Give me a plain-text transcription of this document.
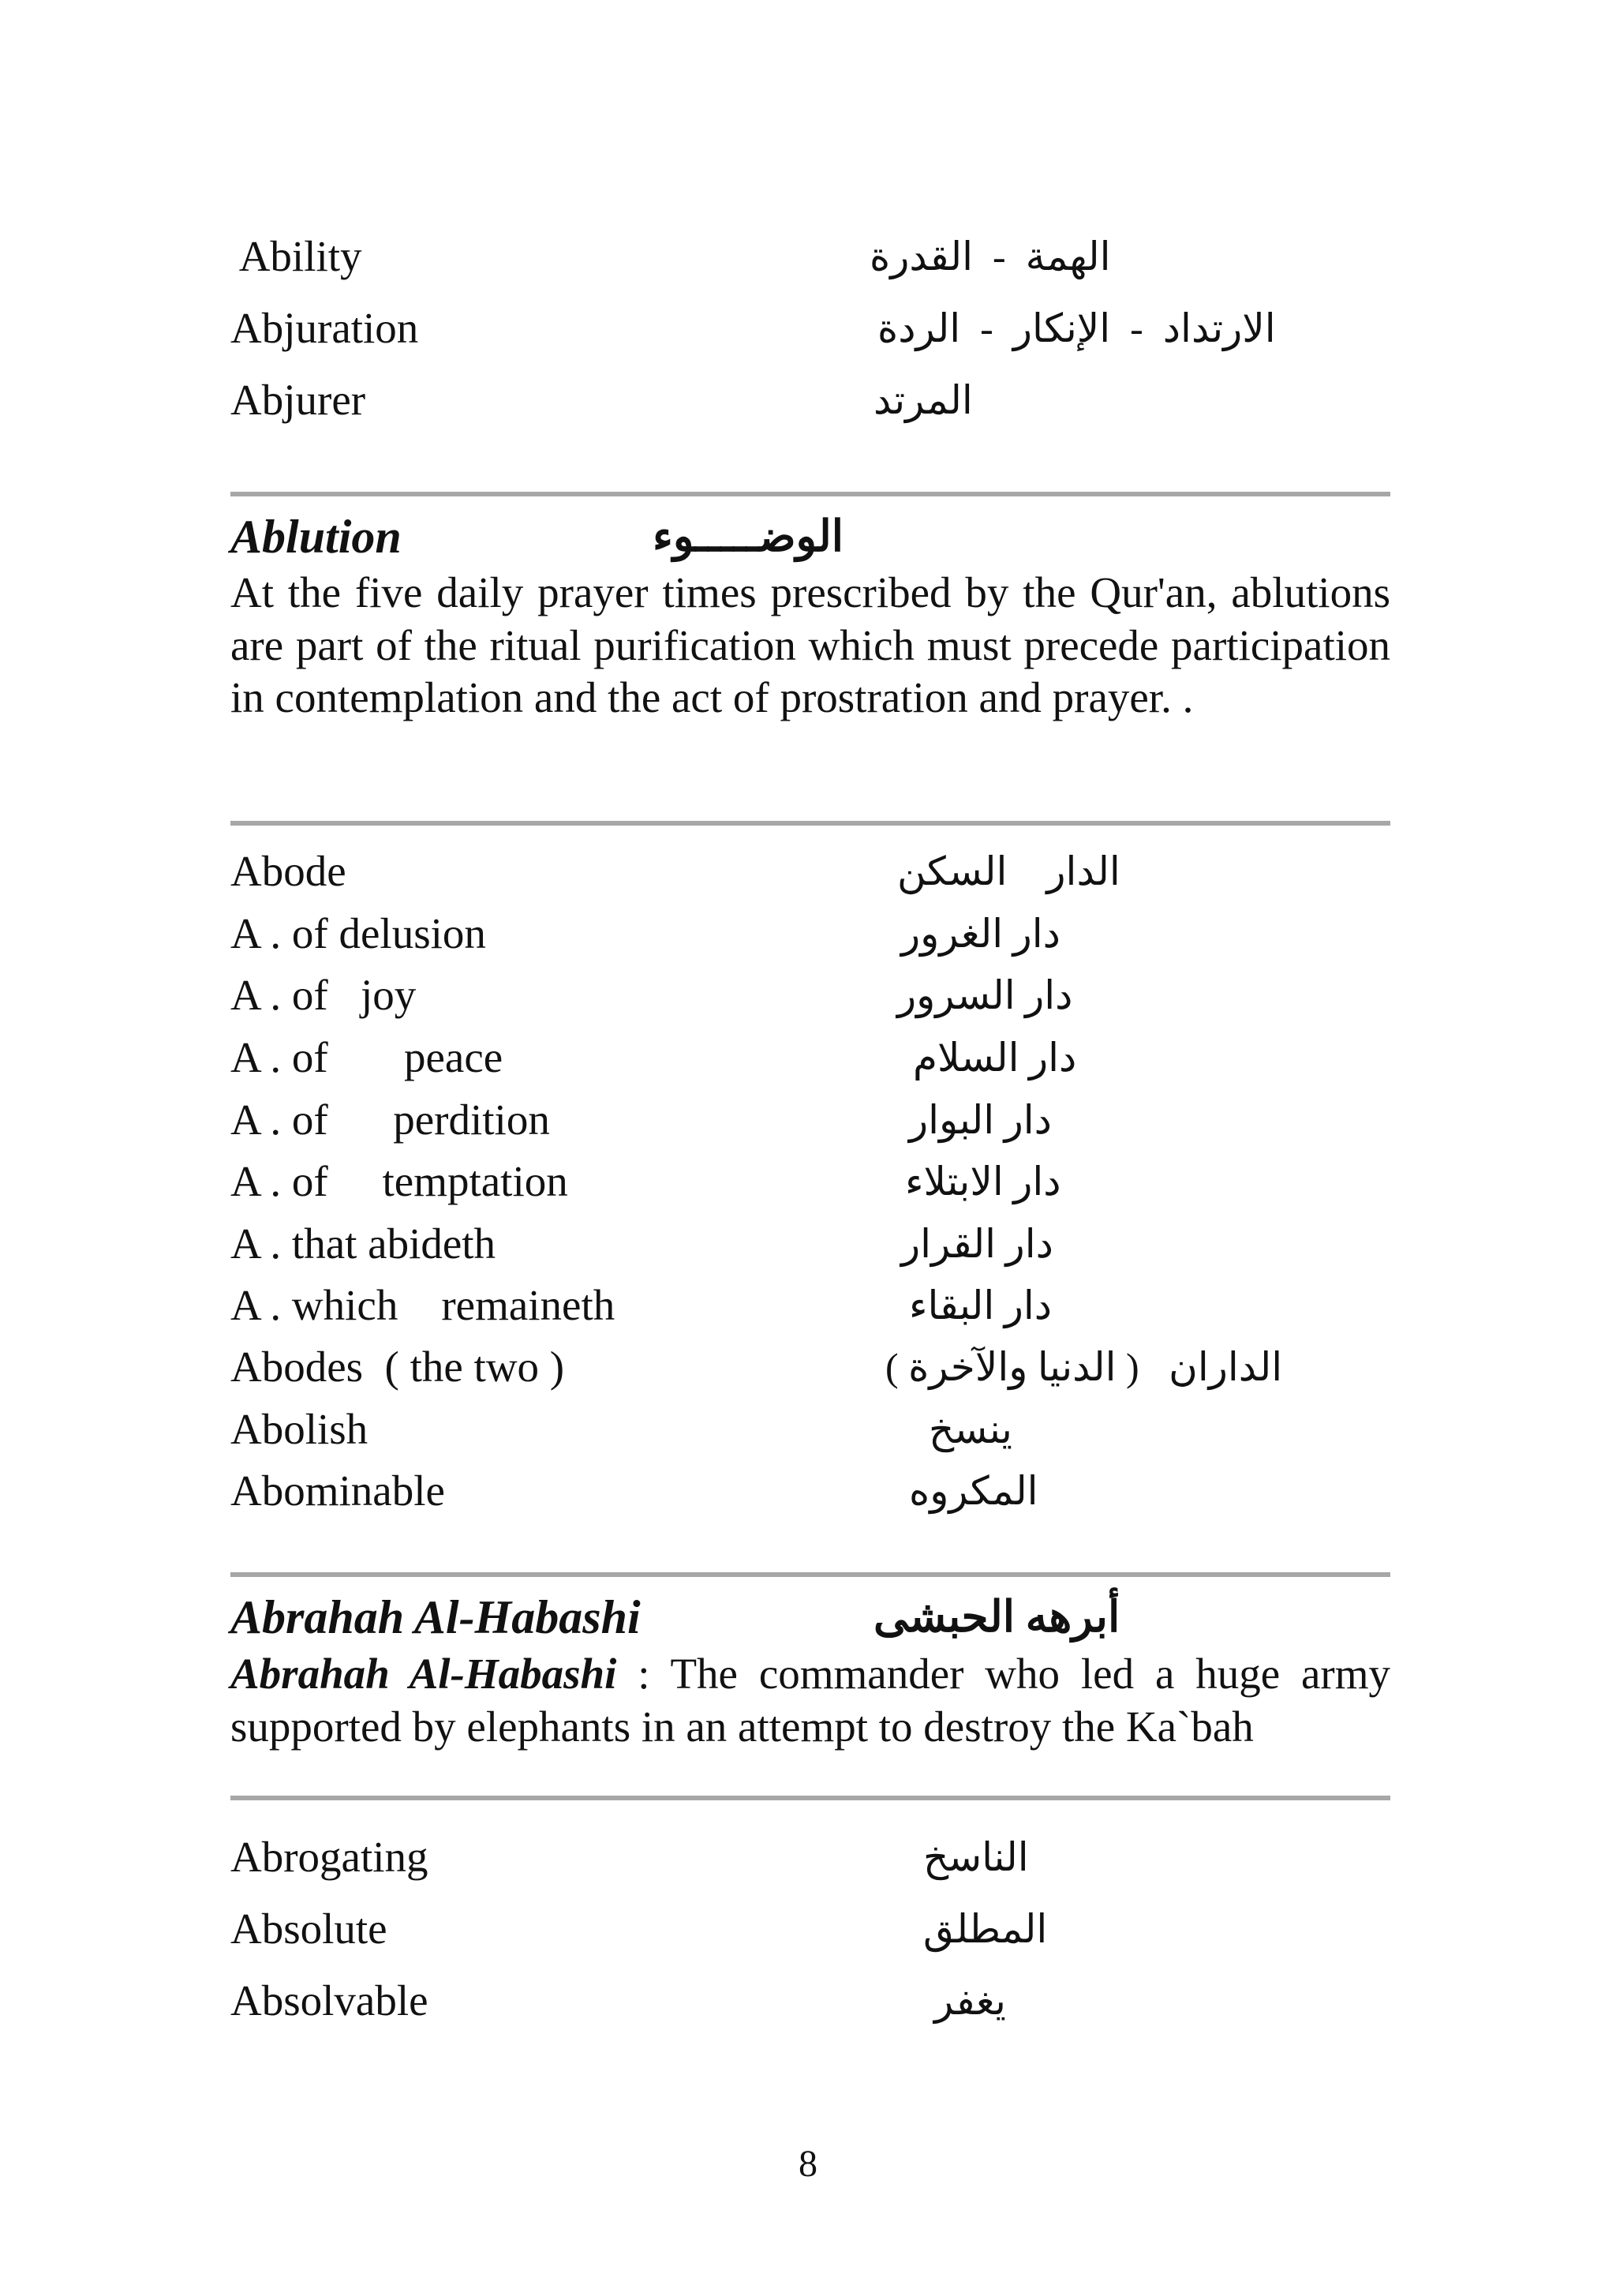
Ability	الهمة  -  القدرة
Abjuration	الارتداد  -  الإنكار  -  الردة
Abjurer	المرتد
Ablution	الوضـــــوء

At the five daily prayer times prescribed by the Qur'an, ablutions are part of the ritual purification which must precede participation in contemplation and the act of prostration and prayer. .

Abode	الدار    السكن
A . of delusion	دار الغرور
A . of   joy	دار السرور
A . of       peace	دار السلام
A . of      perdition	دار البوار
A . of     temptation	دار الابتلاء
A . that abideth	دار القرار
A . which    remaineth	دار البقاء
Abodes  ( the two )	الداران   ( الدنيا والآخرة )
Abolish	ينسخ
Abominable	المكروه
Abrahah Al-Habashi	أبرهه الحبشى

Abrahah Al-Habashi : The commander who led a huge army supported by elephants in an attempt to destroy the Ka`bah

Abrogating	الناسخ
Absolute	المطلق
Absolvable	يغفر
8
